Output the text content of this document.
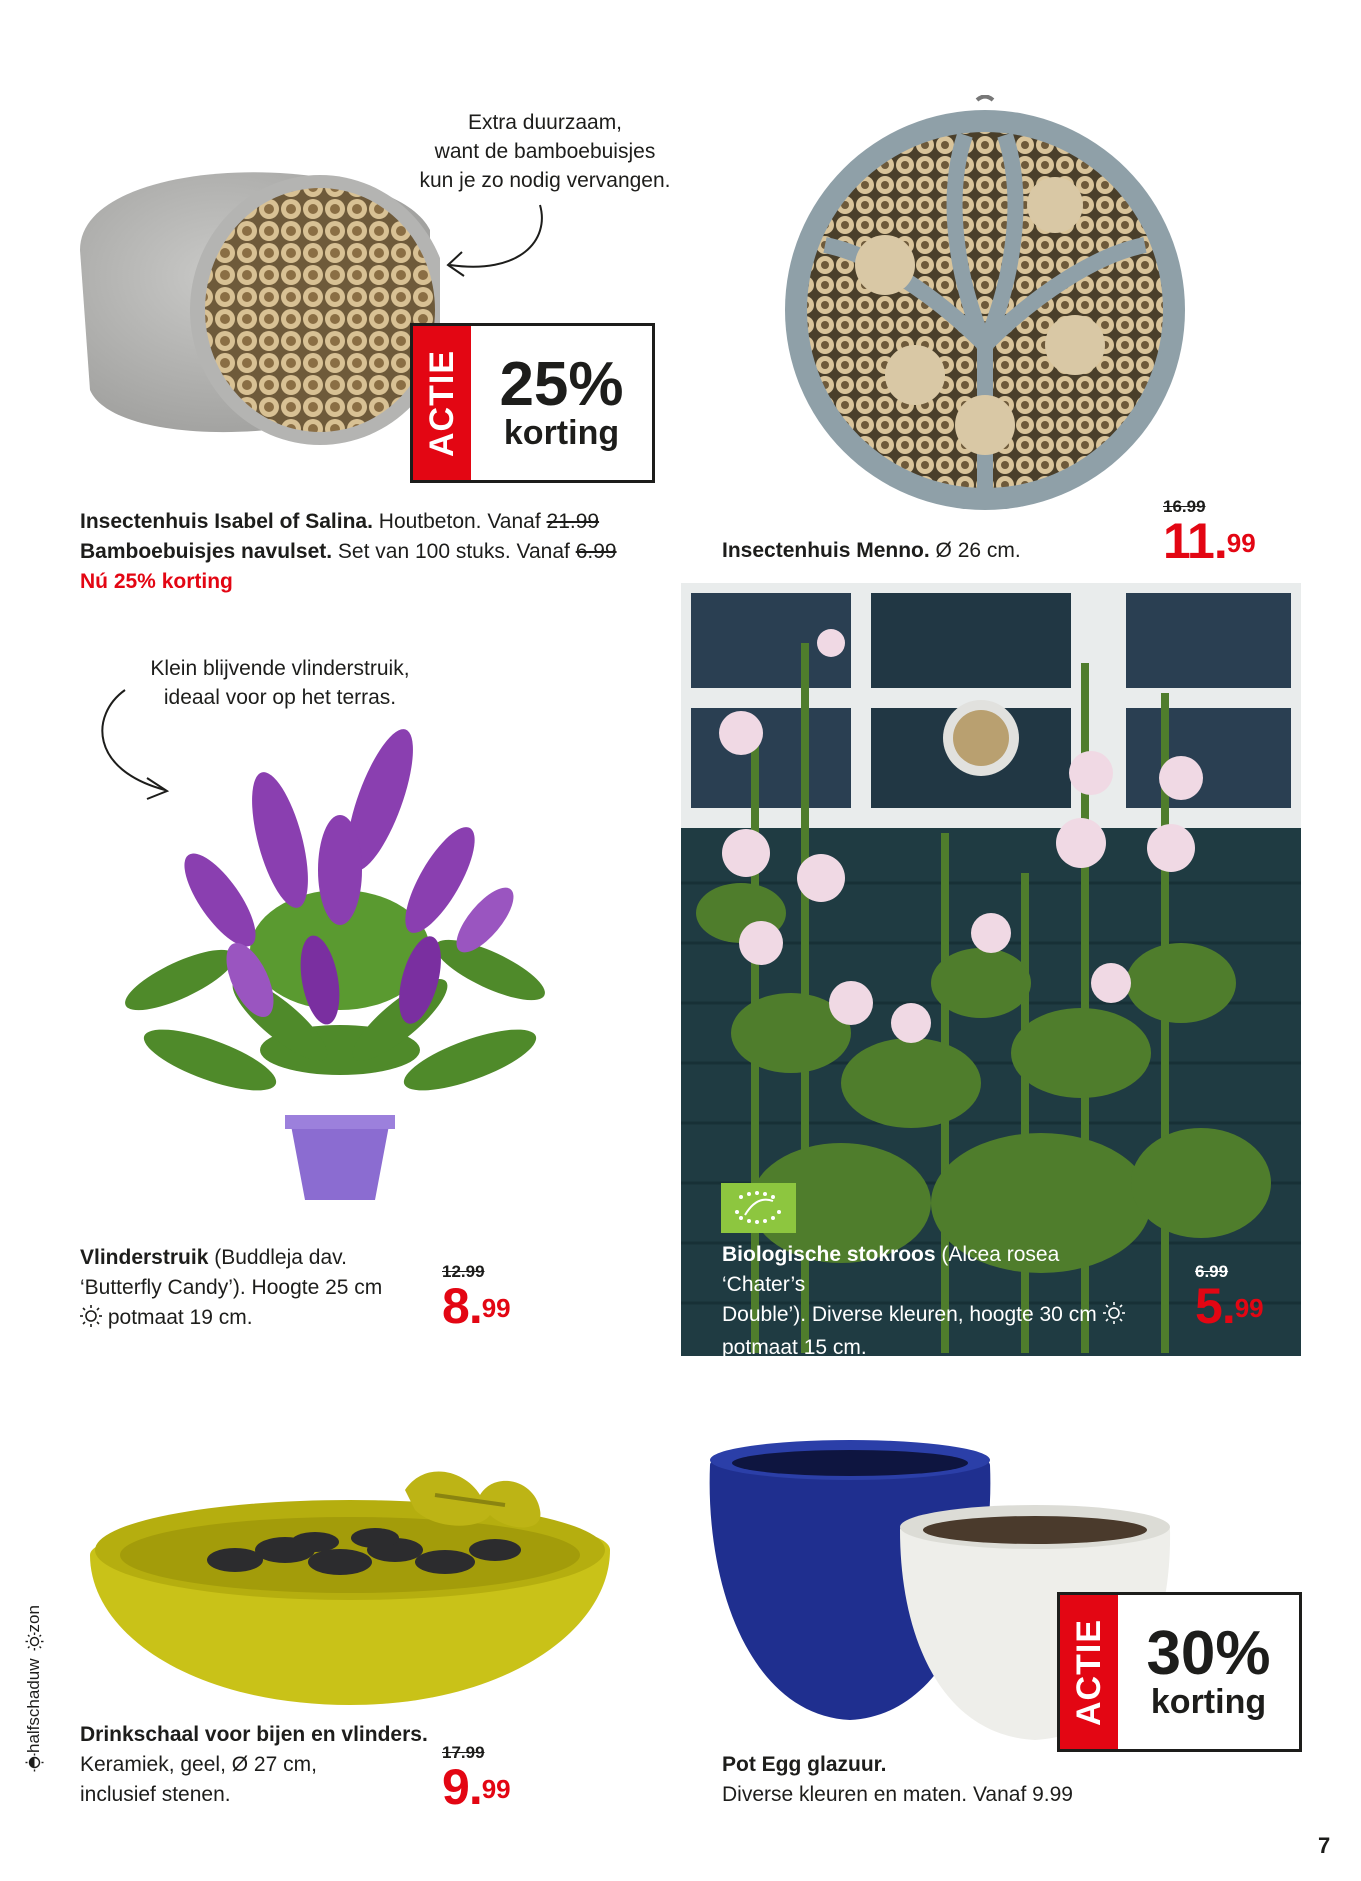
Extra duurzaam,
want de bamboebuisjes
kun je zo nodig vervangen.
ACTIE 25%
korting
Insectenhuis Isabel of Salina. Houtbeton. Vanaf 21.99
Bamboebuisjes navulset. Set van 100 stuks. Vanaf 6.99
Nú 25% korting
16.99
11.99
Insectenhuis Menno. Ø 26 cm.
Klein blijvende vlinderstruik,
ideaal voor op het terras.
Vlinderstruik (Buddleja dav.
‘Butterfly Candy’). Hoogte 25 cm
potmaat 19 cm.
12.99
8.99
Biologische stokroos (Alcea rosea ‘Chater’s
Double’). Diverse kleuren, hoogte 30 cm
potmaat 15 cm.
6.99
5.99
Drinkschaal voor bijen en vlinders.
Keramiek, geel, Ø 27 cm,
inclusief stenen.
17.99
9.99
ACTIE 30%
korting
Pot Egg glazuur.
Diverse kleuren en maten. Vanaf 9.99
halfschaduw
zon
7
